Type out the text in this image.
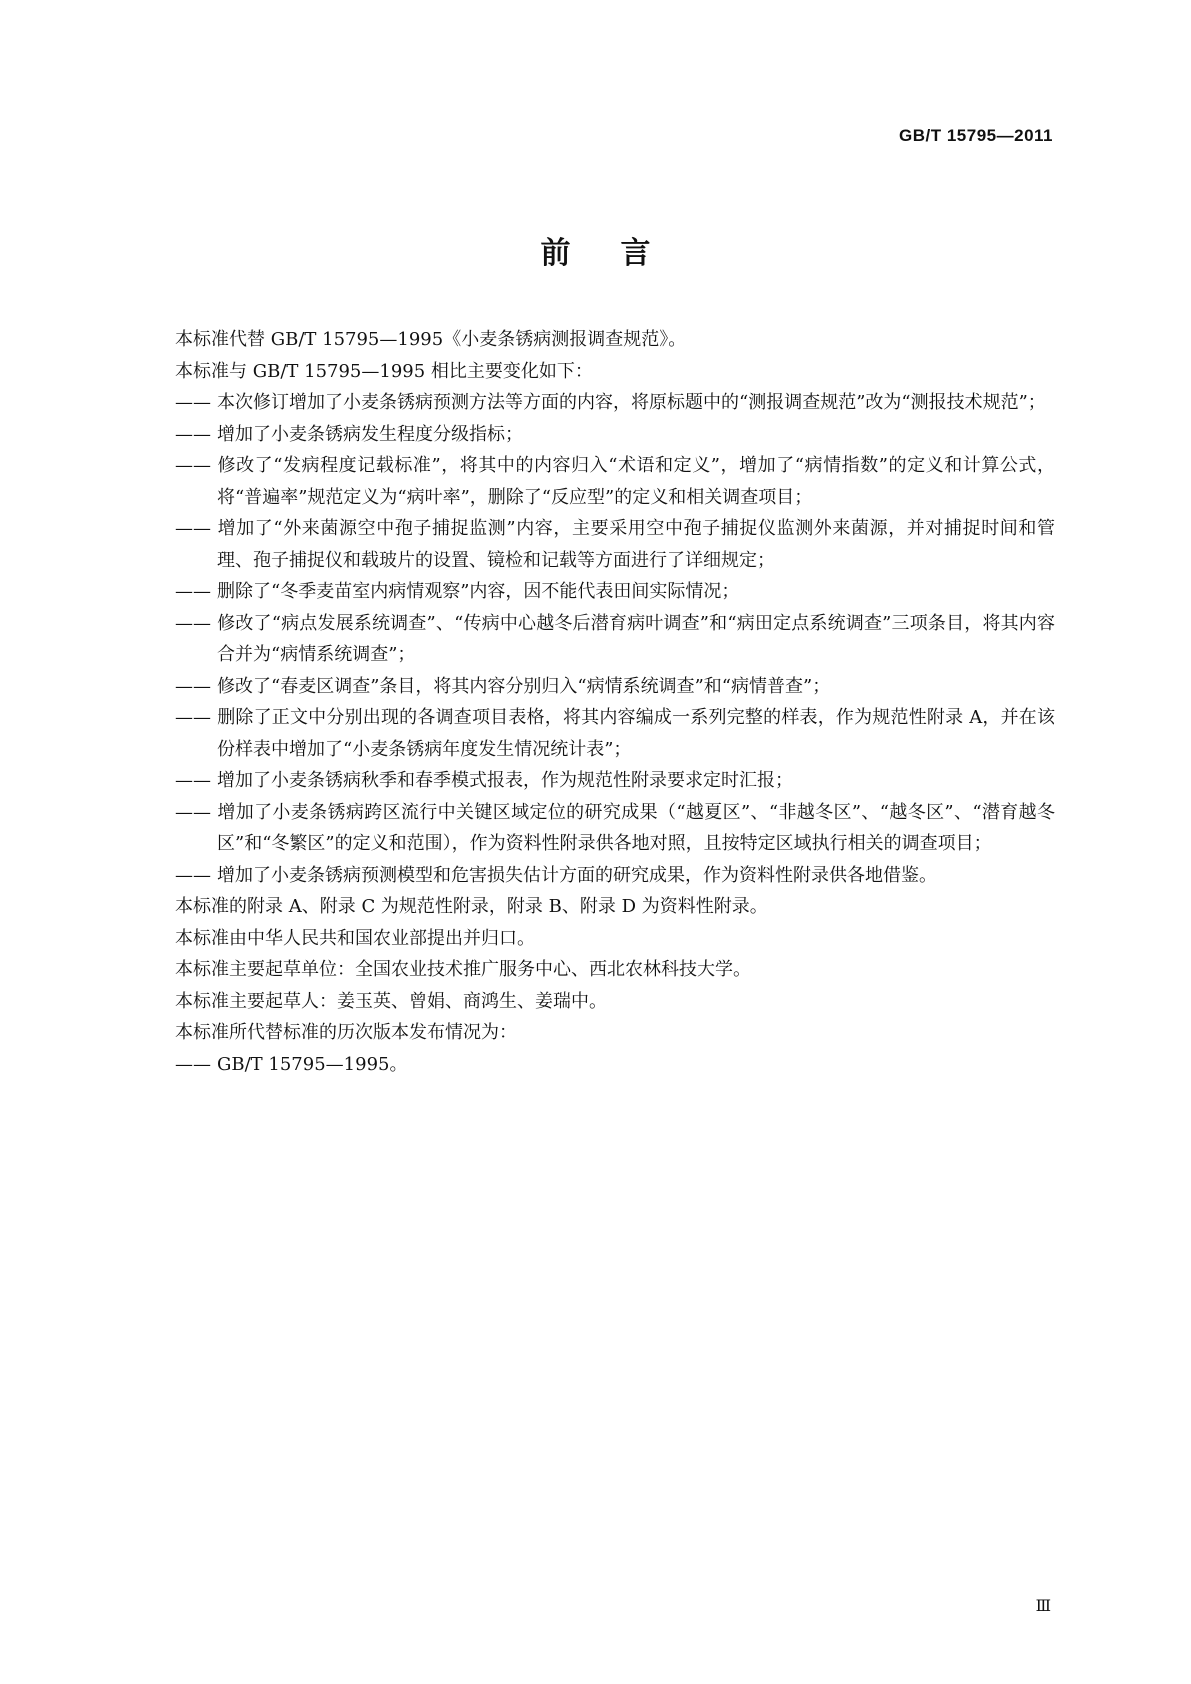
GB/T 15795—2011
前言

本标准代替 GB/T 15795—1995《小麦条锈病测报调查规范》。

本标准与 GB/T 15795—1995 相比主要变化如下：

—— 本次修订增加了小麦条锈病预测方法等方面的内容，将原标题中的“测报调查规范”改为“测报技术规范”；

—— 增加了小麦条锈病发生程度分级指标；

—— 修改了“发病程度记载标准”，将其中的内容归入“术语和定义”，增加了“病情指数”的定义和计算公式，将“普遍率”规范定义为“病叶率”，删除了“反应型”的定义和相关调查项目；

—— 增加了“外来菌源空中孢子捕捉监测”内容，主要采用空中孢子捕捉仪监测外来菌源，并对捕捉时间和管理、孢子捕捉仪和载玻片的设置、镜检和记载等方面进行了详细规定；

—— 删除了“冬季麦苗室内病情观察”内容，因不能代表田间实际情况；

—— 修改了“病点发展系统调查”、“传病中心越冬后潜育病叶调查”和“病田定点系统调查”三项条目，将其内容合并为“病情系统调查”；

—— 修改了“春麦区调查”条目，将其内容分别归入“病情系统调查”和“病情普查”；

—— 删除了正文中分别出现的各调查项目表格，将其内容编成一系列完整的样表，作为规范性附录 A，并在该份样表中增加了“小麦条锈病年度发生情况统计表”；

—— 增加了小麦条锈病秋季和春季模式报表，作为规范性附录要求定时汇报；

—— 增加了小麦条锈病跨区流行中关键区域定位的研究成果（“越夏区”、“非越冬区”、“越冬区”、“潜育越冬区”和“冬繁区”的定义和范围），作为资料性附录供各地对照，且按特定区域执行相关的调查项目；

—— 增加了小麦条锈病预测模型和危害损失估计方面的研究成果，作为资料性附录供各地借鉴。

本标准的附录 A、附录 C 为规范性附录，附录 B、附录 D 为资料性附录。

本标准由中华人民共和国农业部提出并归口。

本标准主要起草单位：全国农业技术推广服务中心、西北农林科技大学。

本标准主要起草人：姜玉英、曾娟、商鸿生、姜瑞中。

本标准所代替标准的历次版本发布情况为：

—— GB/T 15795—1995。

Ⅲ
